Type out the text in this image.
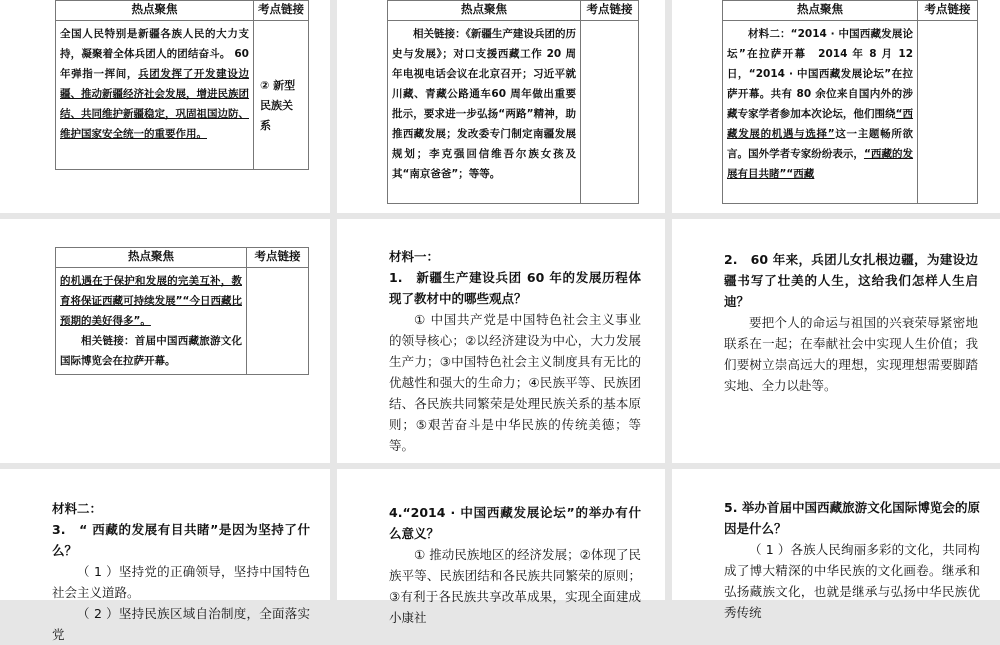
热点聚焦	考点链接
全国人民特别是新疆各族人民的大力支持，凝聚着全体兵团人的团结奋斗。 60 年弹指一挥间，兵团发挥了开发建设边疆、推动新疆经济社会发展，增进民族团结、共同维护新疆稳定，巩固祖国边防、维护国家安全统一的重要作用。	② 新型民族关系
热点聚焦	考点链接
相关链接：《新疆生产建设兵团的历史与发展》；对口支援西藏工作 20 周年电视电话会议在北京召开；习近平就川藏、青藏公路通车60 周年做出重要批示，要求进一步弘扬“两路”精神，助推西藏发展；发改委专门制定南疆发展规划；李克强回信维吾尔族女孩及其“南京爸爸”；等等。	
热点聚焦	考点链接
材料二：“2014 · 中国西藏发展论坛”在拉萨开幕　2014 年 8 月 12 日，“2014 · 中国西藏发展论坛”在拉萨开幕。共有 80 余位来自国内外的涉藏专家学者参加本次论坛，他们围绕“西藏发展的机遇与选择”这一主题畅所欲言。国外学者专家纷纷表示，“西藏的发展有目共睹”“西藏	
热点聚焦	考点链接

的机遇在于保护和发展的完美互补，教育将保证西藏可持续发展”“今日西藏比预期的美好得多”。
相关链接：首届中国西藏旅游文化国际博览会在拉萨开幕。	

材料一：

1.　新疆生产建设兵团 60 年的发展历程体现了教材中的哪些观点？

① 中国共产党是中国特色社会主义事业的领导核心；②以经济建设为中心，大力发展生产力；③中国特色社会主义制度具有无比的优越性和强大的生命力；④民族平等、民族团结、各民族共同繁荣是处理民族关系的基本原则；⑤艰苦奋斗是中华民族的传统美德；等等。

2.　60 年来，兵团儿女扎根边疆，为建设边疆书写了壮美的人生，这给我们怎样人生启迪？

要把个人的命运与祖国的兴衰荣辱紧密地联系在一起；在奉献社会中实现人生价值；我们要树立崇高远大的理想，实现理想需要脚踏实地、全力以赴等。

材料二：

3.　“ 西藏的发展有目共睹”是因为坚持了什么？

（ 1 ）坚持党的正确领导，坚持中国特色社会主义道路。

（ 2 ）坚持民族区域自治制度，全面落实党

4.“2014 · 中国西藏发展论坛”的举办有什么意义？

① 推动民族地区的经济发展；②体现了民族平等、民族团结和各民族共同繁荣的原则；③有利于各民族共享改革成果，实现全面建成小康社

5. 举办首届中国西藏旅游文化国际博览会的原因是什么？

（ 1 ）各族人民绚丽多彩的文化，共同构成了博大精深的中华民族的文化画卷。继承和弘扬藏族文化，也就是继承与弘扬中华民族优秀传统
